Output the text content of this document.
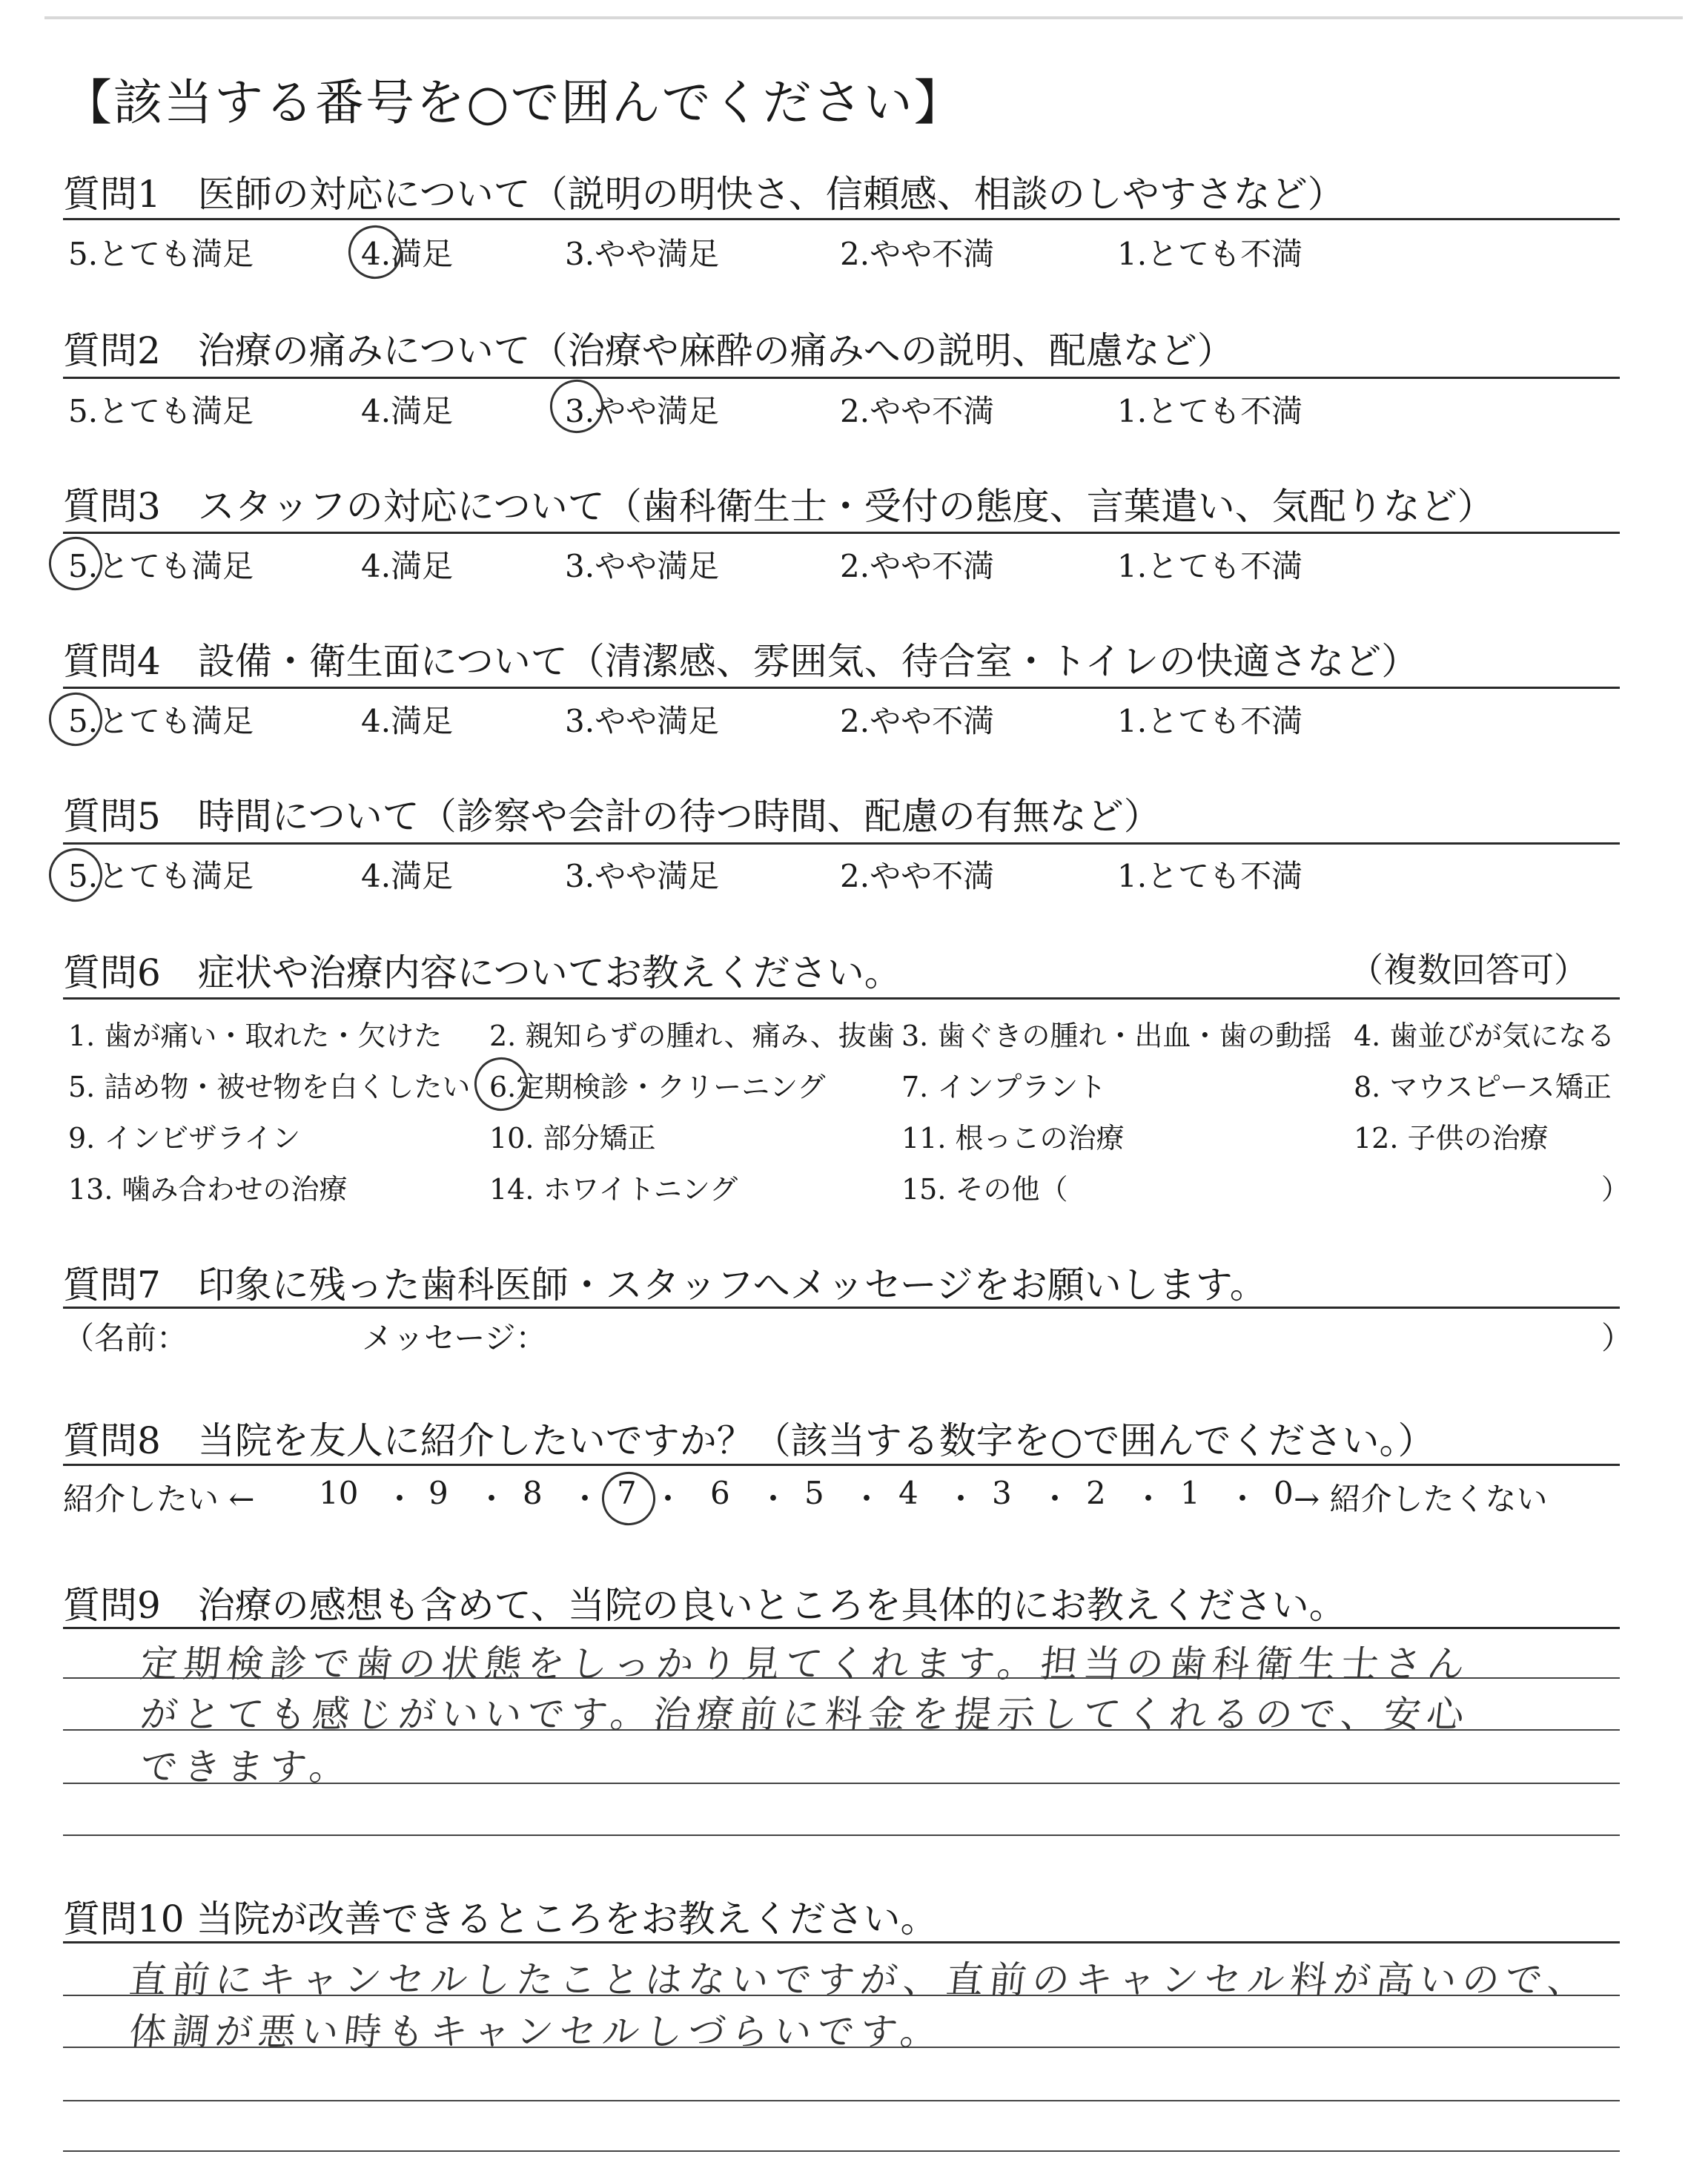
【該当する番号を○で囲んでください】
質問1　医師の対応について（説明の明快さ、信頼感、相談のしやすさなど）
5.とても満足	4.満足	3.やや満足	2.やや不満	1.とても不満
質問2　治療の痛みについて（治療や麻酔の痛みへの説明、配慮など）
5.とても満足	4.満足	3.やや満足	2.やや不満	1.とても不満
質問3　スタッフの対応について（歯科衛生士・受付の態度、言葉遣い、気配りなど）
5.とても満足	4.満足	3.やや満足	2.やや不満	1.とても不満
質問4　設備・衛生面について（清潔感、雰囲気、待合室・トイレの快適さなど）
5.とても満足	4.満足	3.やや満足	2.やや不満	1.とても不満
質問5　時間について（診察や会計の待つ時間、配慮の有無など）
5.とても満足	4.満足	3.やや満足	2.やや不満	1.とても不満
質問6　症状や治療内容についてお教えください。	（複数回答可）
1. 歯が痛い・取れた・欠けた 2. 親知らずの腫れ、痛み、抜歯 3. 歯ぐきの腫れ・出血・歯の動揺 4. 歯並びが気になる
5. 詰め物・被せ物を白くしたい 6.定期検診・クリーニング	7. インプラント	8. マウスピース矯正
9. インビザライン	10. 部分矯正	11. 根っこの治療	12. 子供の治療
13. 噛み合わせの治療	14. ホワイトニング	15. その他（	）
質問7　印象に残った歯科医師・スタッフへメッセージをお願いします。
（名前：	メッセージ：	）
質問8　当院を友人に紹介したいですか？（該当する数字を○で囲んでください。）
紹介したい ←	→ 紹介したくない
10 ・ 9 ・ 8 ・ 7 ・ 6 ・ 5 ・ 4 ・ 3 ・ 2 ・ 1 ・ 0
質問9　治療の感想も含めて、当院の良いところを具体的にお教えください。
定期検診で歯の状態をしっかり見てくれます。担当の歯科衛生士さん
がとても感じがいいです。治療前に料金を提示してくれるので、安心
できます。
質問10 当院が改善できるところをお教えください。
直前にキャンセルしたことはないですが、直前のキャンセル料が高いので、
体調が悪い時もキャンセルしづらいです。
